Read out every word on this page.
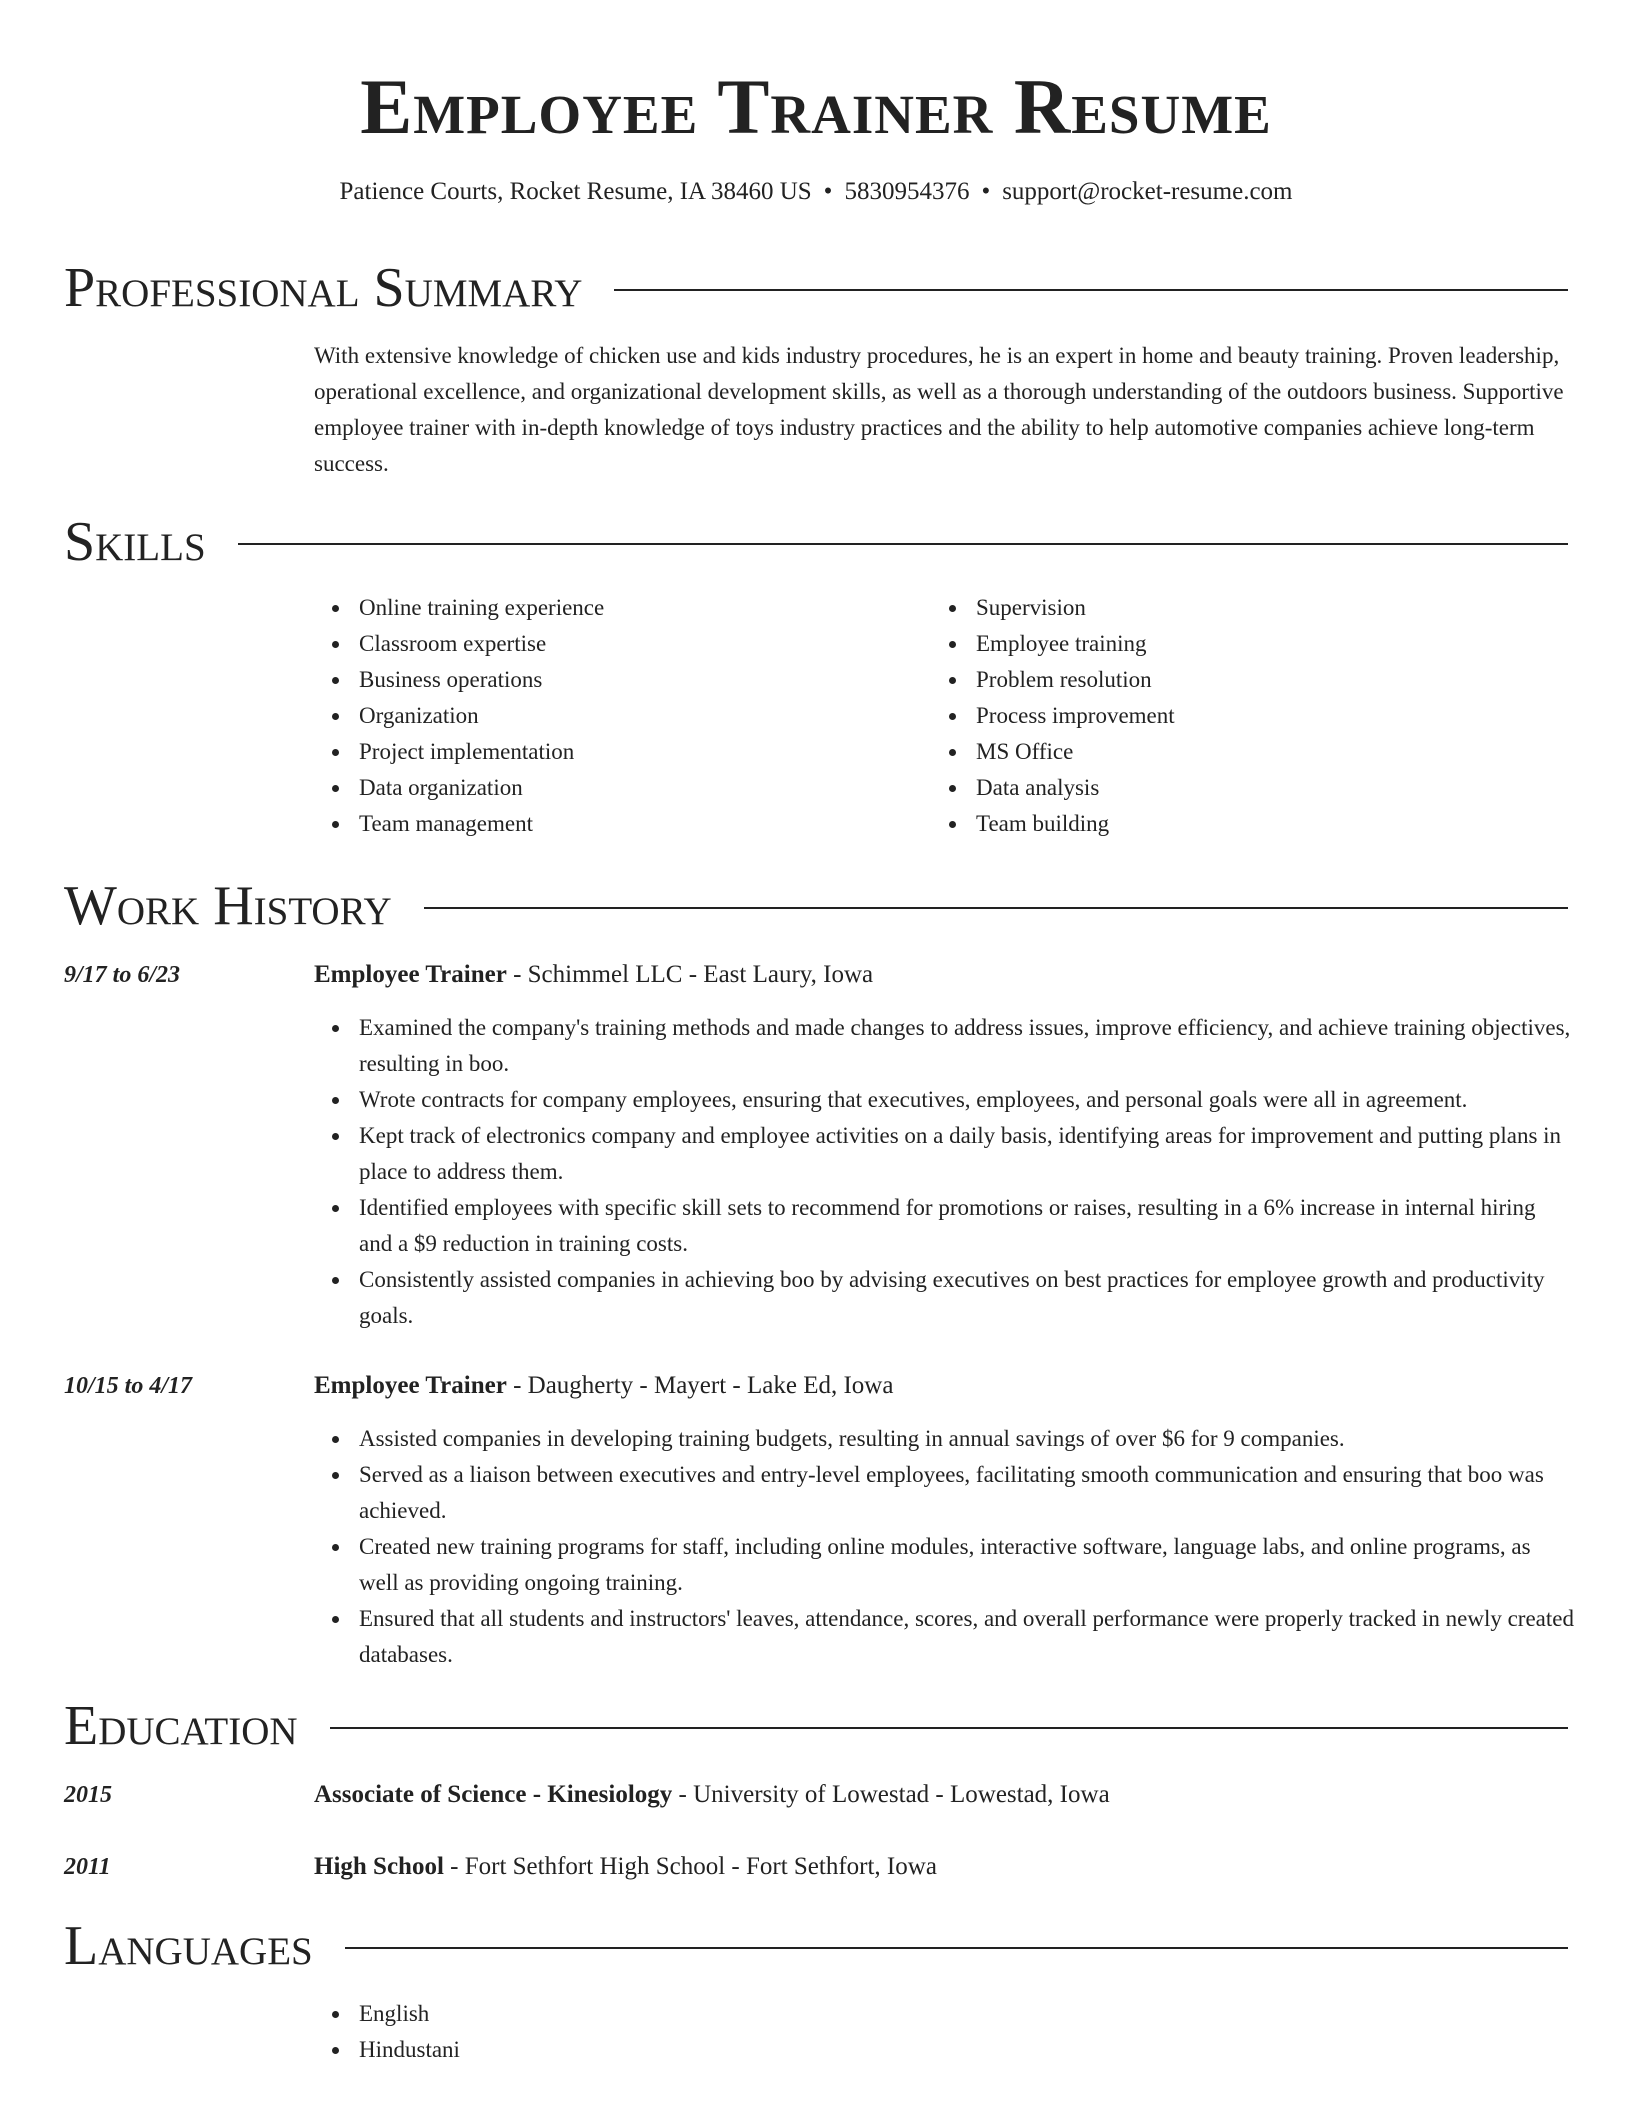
Employee Trainer Resume
Patience Courts, Rocket Resume, IA 38460 US • 5830954376 • support@rocket-resume.com
Professional Summary

With extensive knowledge of chicken use and kids industry procedures, he is an expert in home and beauty training. Proven leadership, operational excellence, and organizational development skills, as well as a thorough understanding of the outdoors business. Supportive employee trainer with in-depth knowledge of toys industry practices and the ability to help automotive companies achieve long-term success.

Skills
Online training experience
Classroom expertise
Business operations
Organization
Project implementation
Data organization
Team management
Supervision
Employee training
Problem resolution
Process improvement
MS Office
Data analysis
Team building
Work History
9/17 to 6/23	Employee Trainer - Schimmel LLC - East Laury, Iowa
Examined the company's training methods and made changes to address issues, improve efficiency, and achieve training objectives, resulting in boo.
Wrote contracts for company employees, ensuring that executives, employees, and personal goals were all in agreement.
Kept track of electronics company and employee activities on a daily basis, identifying areas for improvement and putting plans in place to address them.
Identified employees with specific skill sets to recommend for promotions or raises, resulting in a 6% increase in internal hiring and a $9 reduction in training costs.
Consistently assisted companies in achieving boo by advising executives on best practices for employee growth and productivity goals.
10/15 to 4/17	Employee Trainer - Daugherty - Mayert - Lake Ed, Iowa
Assisted companies in developing training budgets, resulting in annual savings of over $6 for 9 companies.
Served as a liaison between executives and entry-level employees, facilitating smooth communication and ensuring that boo was achieved.
Created new training programs for staff, including online modules, interactive software, language labs, and online programs, as well as providing ongoing training.
Ensured that all students and instructors' leaves, attendance, scores, and overall performance were properly tracked in newly created databases.
Education
2015	Associate of Science - Kinesiology - University of Lowestad - Lowestad, Iowa
2011	High School - Fort Sethfort High School - Fort Sethfort, Iowa
Languages
English
Hindustani
